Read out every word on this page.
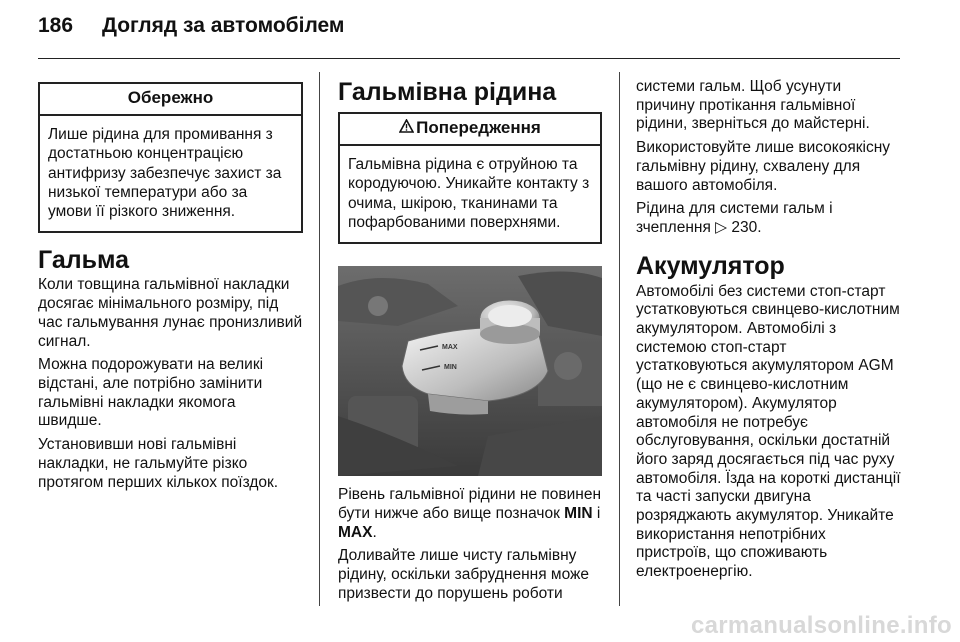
186 Догляд за автомобілем
Обережно
Лише рідина для промивання з достатньою концентрацією антифризу забезпечує захист за низької температури або за умови її різкого зниження.
Гальма

Коли товщина гальмівної накладки досягає мінімального розміру, під час гальмування лунає пронизливий сигнал.

Можна подорожувати на великі відстані, але потрібно замінити гальмівні накладки якомога швидше.

Установивши нові гальмівні накладки, не гальмуйте різко протягом перших кількох поїздок.

Гальмівна рідина
Попередження
Гальмівна рідина є отруйною та кородуючою. Уникайте контакту з очима, шкірою, тканинами та пофарбованими поверхнями.
MAX
MIN

Рівень гальмівної рідини не повинен бути нижче або вище позначок MIN і MAX.

Доливайте лише чисту гальмівну рідину, оскільки забруднення може призвести до порушень роботи

системи гальм. Щоб усунути причину протікання гальмівної рідини, зверніться до майстерні.

Використовуйте лише високоякісну гальмівну рідину, схвалену для вашого автомобіля.

Рідина для системи гальм і зчеплення ▷ 230.

Акумулятор

Автомобілі без системи стоп-старт устатковуються свинцево-кислотним акумулятором. Автомобілі з системою стоп-старт устатковуються акумулятором AGM (що не є свинцево-кислотним акумулятором). Акумулятор автомобіля не потребує обслуговування, оскільки достатній його заряд досягається під час руху автомобіля. Їзда на короткі дистанції та часті запуски двигуна розряджають акумулятор. Уникайте використання непотрібних пристроїв, що споживають електроенергію.

carmanualsonline.info
